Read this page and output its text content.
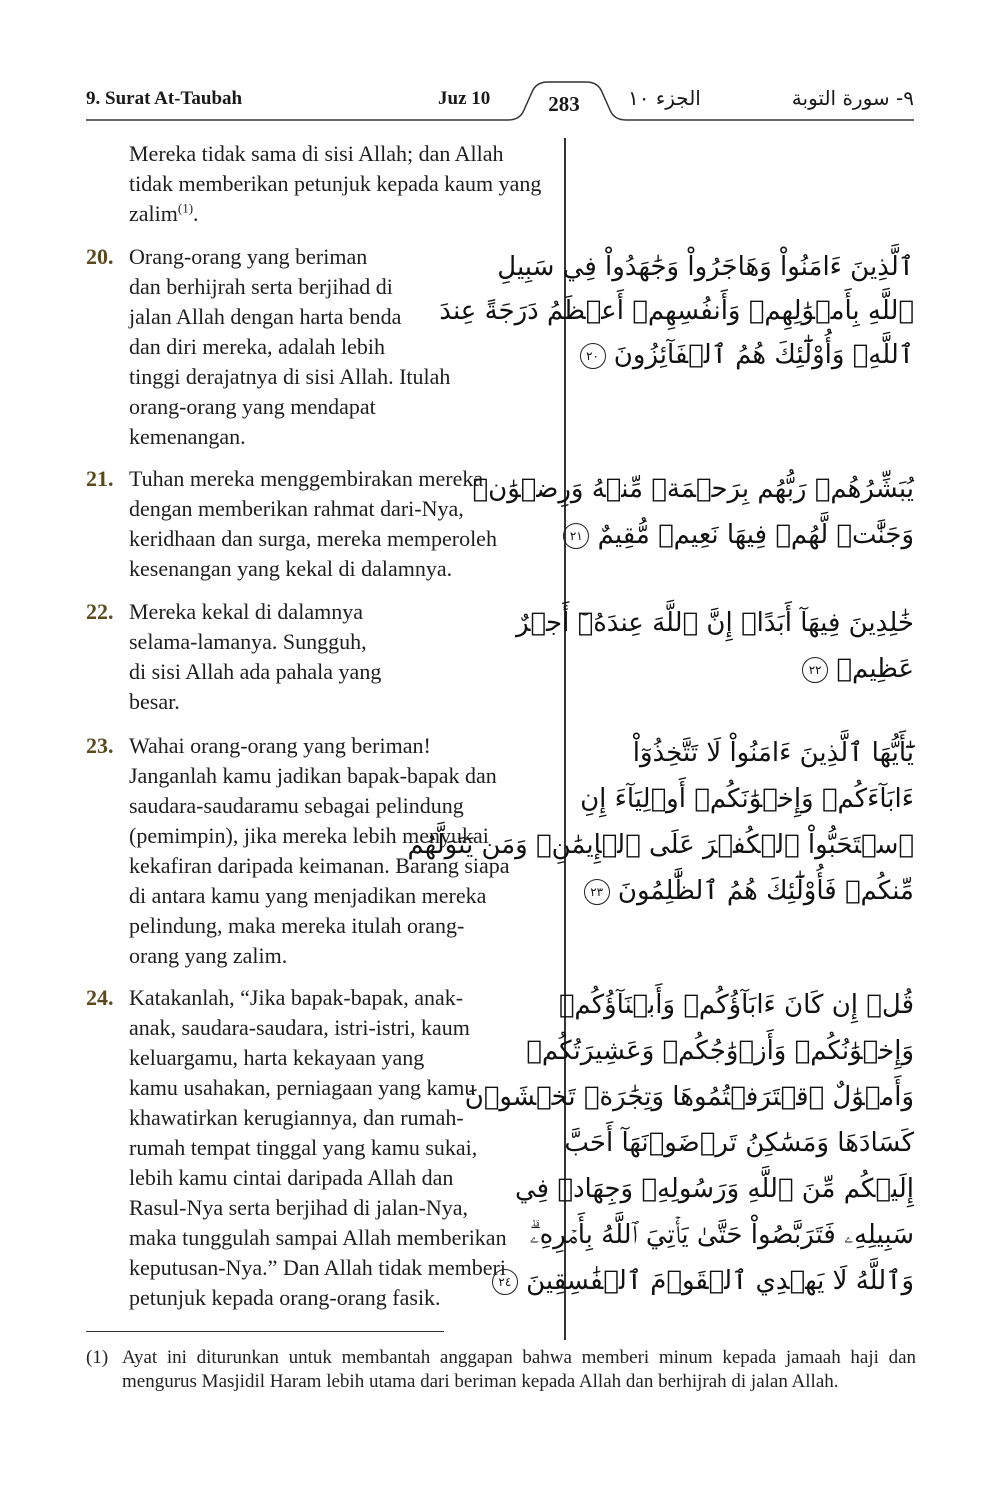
9. Surat At-Taubah	Juz 10	283	الجزء ١٠	٩- سورة التوبة
Mereka tidak sama di sisi Allah; dan Allah tidak memberikan petunjuk kepada kaum yang zalim$^{(1)}$.
20. Orang-orang yang beriman
dan berhijrah serta berjihad di
jalan Allah dengan harta benda
dan diri mereka, adalah lebih
tinggi derajatnya di sisi Allah. Itulah
orang-orang yang mendapat
kemenangan.
ٱلَّذِينَ ءَامَنُواْ وَهَاجَرُواْ وَجَٰهَدُواْ فِي سَبِيلِ
ٱللَّهِ بِأَمۡوَٰلِهِمۡ وَأَنفُسِهِمۡ أَعۡظَمُ دَرَجَةً عِندَ
ٱللَّهِۚ وَأُوْلَٰٓئِكَ هُمُ ٱلۡفَآئِزُونَ ٢٠
21. Tuhan mereka menggembirakan mereka
dengan memberikan rahmat dari-Nya,
keridhaan dan surga, mereka memperoleh
kesenangan yang kekal di dalamnya.
يُبَشِّرُهُمۡ رَبُّهُم بِرَحۡمَةٖ مِّنۡهُ وَرِضۡوَٰنٖ
وَجَنَّٰتٖ لَّهُمۡ فِيهَا نَعِيمٞ مُّقِيمٌ ٢١
22. Mereka kekal di dalamnya
selama-lamanya. Sungguh,
di sisi Allah ada pahala yang
besar.
خَٰلِدِينَ فِيهَآ أَبَدًاۚ إِنَّ ٱللَّهَ عِندَهُۥٓ أَجۡرٌ
عَظِيمٞ ٢٢
23. Wahai orang-orang yang beriman!
Janganlah kamu jadikan bapak-bapak dan
saudara-saudaramu sebagai pelindung
(pemimpin), jika mereka lebih menyukai
kekafiran daripada keimanan. Barang siapa
di antara kamu yang menjadikan mereka
pelindung, maka mereka itulah orang-
orang yang zalim.
يَٰٓأَيُّهَا ٱلَّذِينَ ءَامَنُواْ لَا تَتَّخِذُوٓاْ
ءَابَآءَكُمۡ وَإِخۡوَٰنَكُمۡ أَوۡلِيَآءَ إِنِ
ٱسۡتَحَبُّواْ ٱلۡكُفۡرَ عَلَى ٱلۡإِيمَٰنِۚ وَمَن يَتَوَلَّهُم
مِّنكُمۡ فَأُوْلَٰٓئِكَ هُمُ ٱلظَّٰلِمُونَ ٢٣
24. Katakanlah, “Jika bapak-bapak, anak-
anak, saudara-saudara, istri-istri, kaum
keluargamu, harta kekayaan yang
kamu usahakan, perniagaan yang kamu
khawatirkan kerugiannya, dan rumah-
rumah tempat tinggal yang kamu sukai,
lebih kamu cintai daripada Allah dan
Rasul-Nya serta berjihad di jalan-Nya,
maka tunggulah sampai Allah memberikan
keputusan-Nya.” Dan Allah tidak memberi
petunjuk kepada orang-orang fasik.
قُلۡ إِن كَانَ ءَابَآؤُكُمۡ وَأَبۡنَآؤُكُمۡ
وَإِخۡوَٰنُكُمۡ وَأَزۡوَٰجُكُمۡ وَعَشِيرَتُكُمۡ
وَأَمۡوَٰلٌ ٱقۡتَرَفۡتُمُوهَا وَتِجَٰرَةٞ تَخۡشَوۡنَ
كَسَادَهَا وَمَسَٰكِنُ تَرۡضَوۡنَهَآ أَحَبَّ
إِلَيۡكُم مِّنَ ٱللَّهِ وَرَسُولِهِۦ وَجِهَادٖ فِي
سَبِيلِهِۦ فَتَرَبَّصُواْ حَتَّىٰ يَأۡتِيَ ٱللَّهُ بِأَمۡرِهِۦۗ
وَٱللَّهُ لَا يَهۡدِي ٱلۡقَوۡمَ ٱلۡفَٰسِقِينَ ٢٤
(1) Ayat ini diturunkan untuk membantah anggapan bahwa memberi minum kepada jamaah haji dan mengurus Masjidil Haram lebih utama dari beriman kepada Allah dan berhijrah di jalan Allah.
